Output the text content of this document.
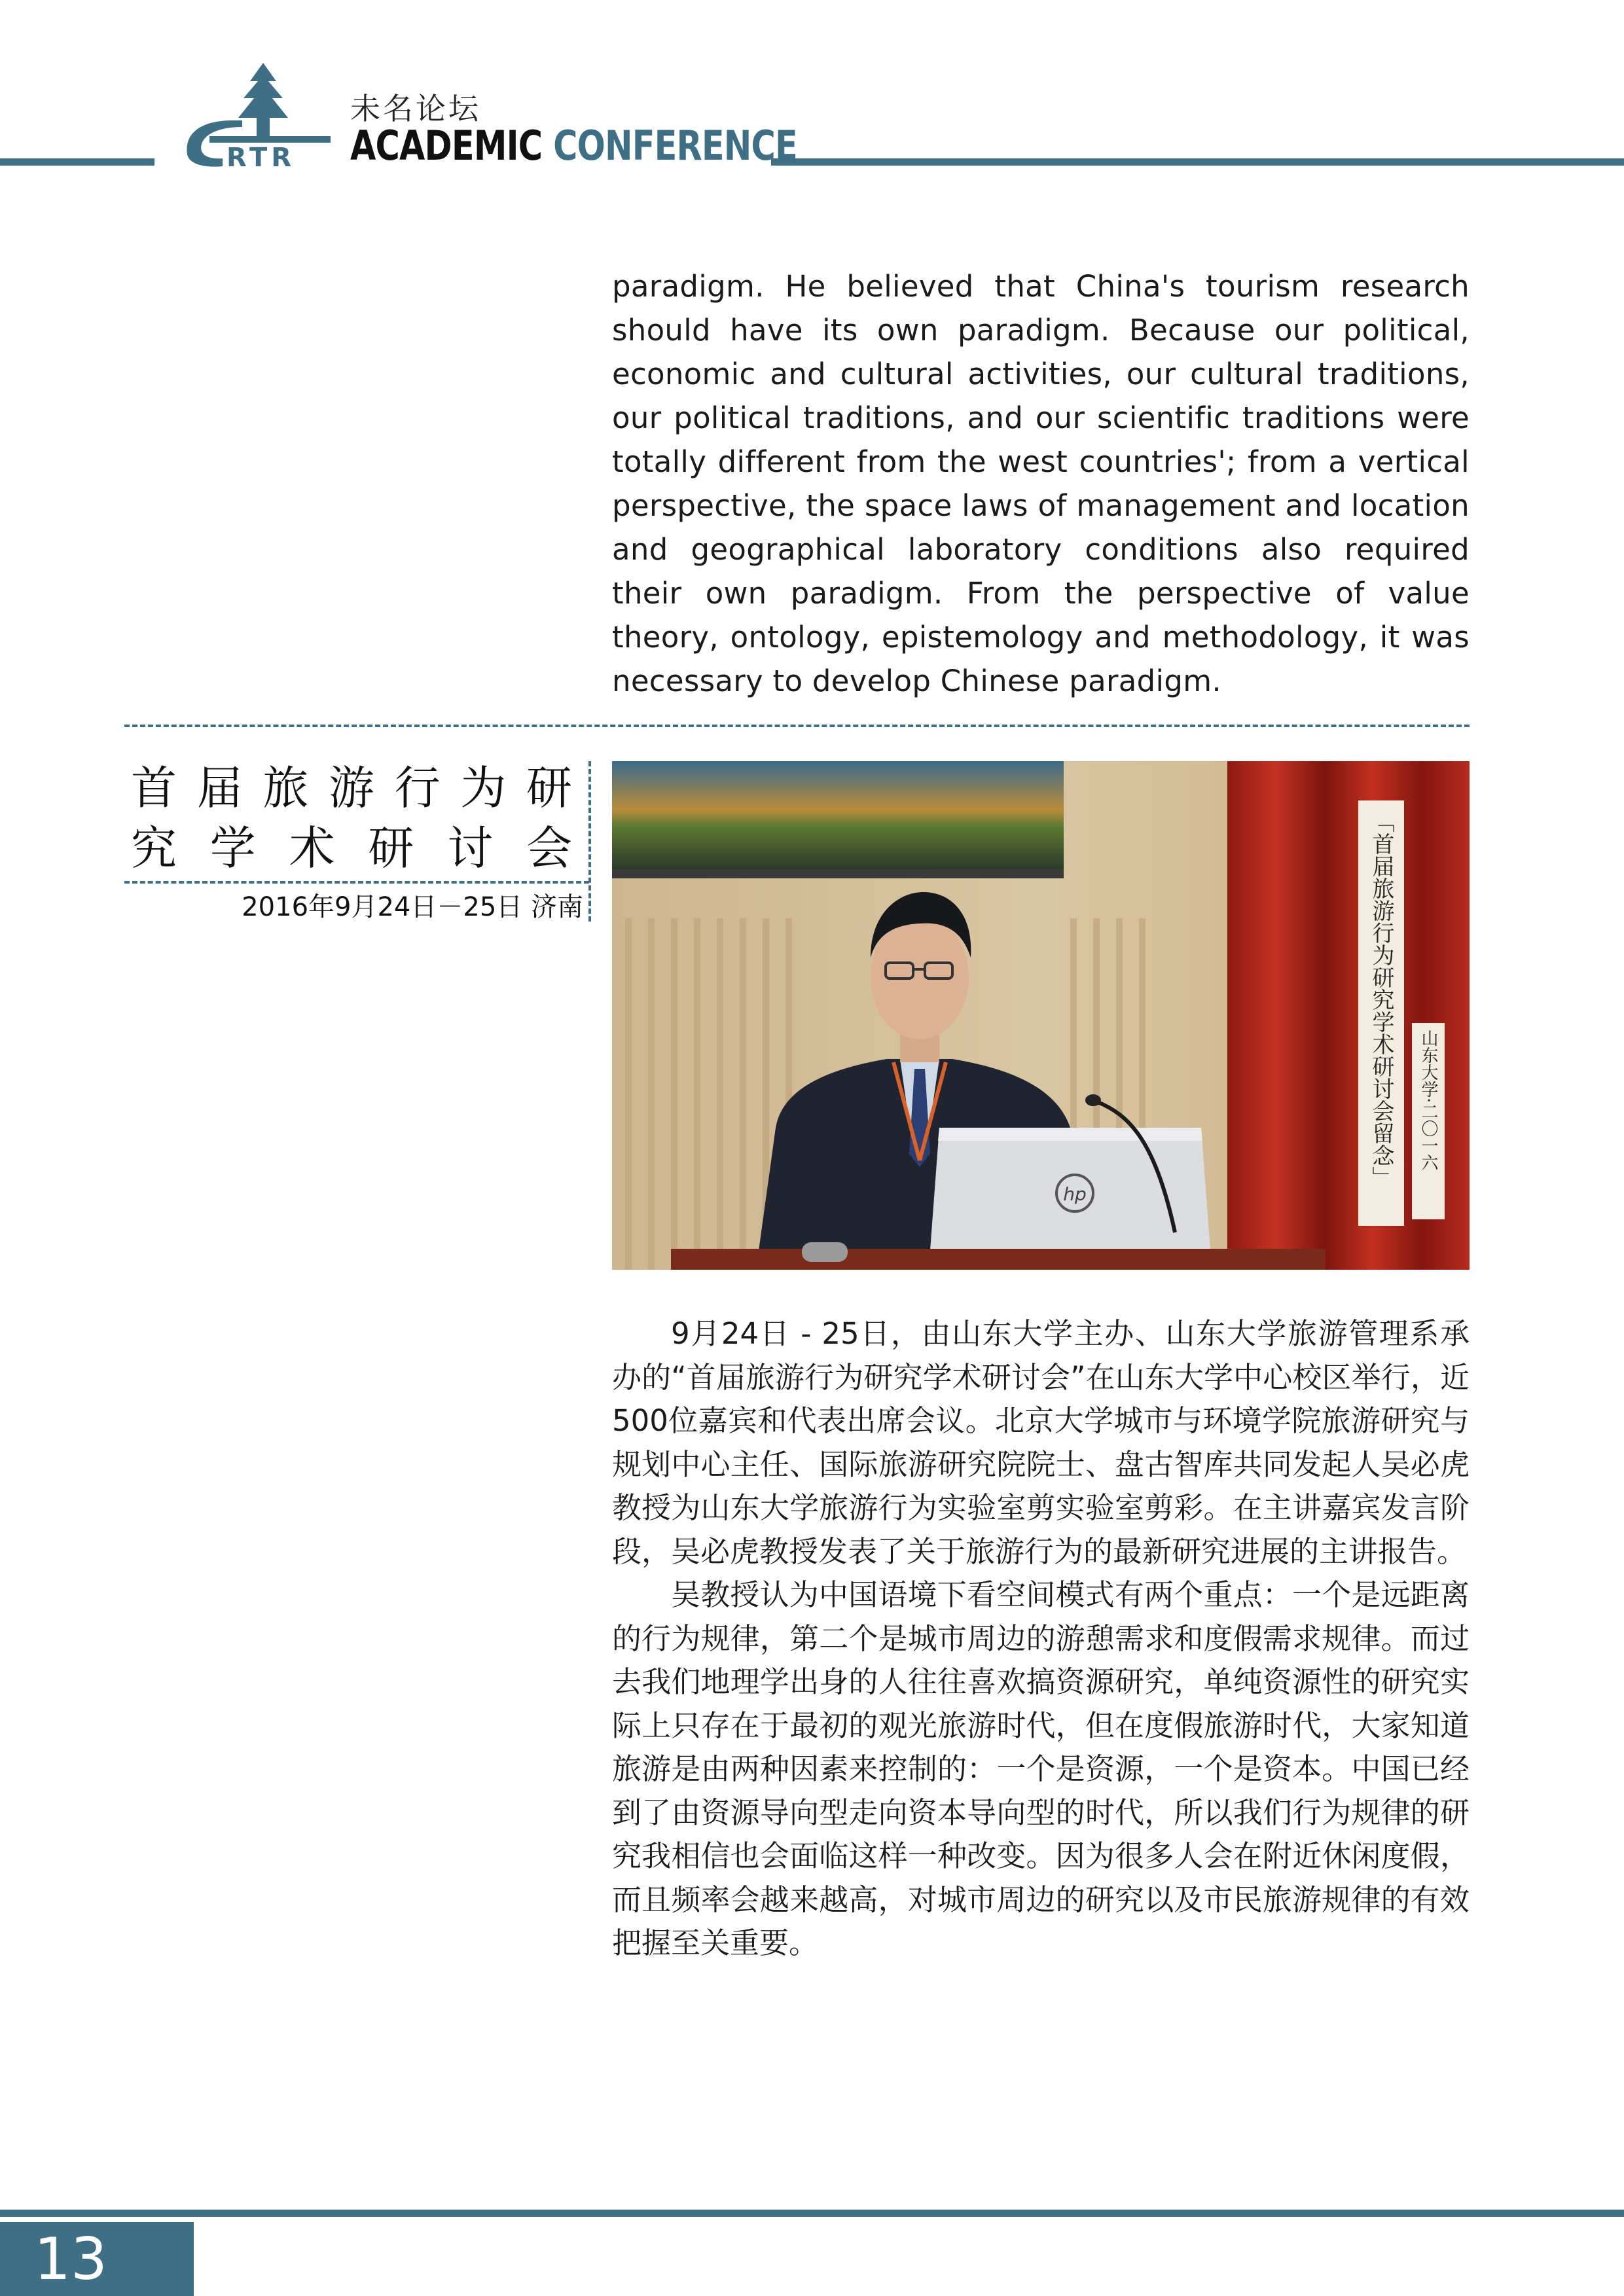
RTR
未名论坛
ACADEMIC CONFERENCE

paradigm. He believed that China's tourism research should have its own paradigm. Because our political, economic and cultural activities, our cultural traditions, our political traditions, and our scientific traditions were totally different from the west countries'; from a vertical perspective, the space laws of management and location and geographical laboratory conditions also required their own paradigm. From the perspective of value theory, ontology, epistemology and methodology, it was necessary to develop Chinese paradigm.

首届旅游行为研
究学术研讨会
2016年9月24日－25日 济南	「首届旅游行为研究学术研讨会留念」 山东大学·二〇一六
hp

9月24日 - 25日，由山东大学主办、山东大学旅游管理系承办的“首届旅游行为研究学术研讨会”在山东大学中心校区举行，近500位嘉宾和代表出席会议。北京大学城市与环境学院旅游研究与规划中心主任、国际旅游研究院院士、盘古智库共同发起人吴必虎教授为山东大学旅游行为实验室剪实验室剪彩。在主讲嘉宾发言阶段，吴必虎教授发表了关于旅游行为的最新研究进展的主讲报告。

吴教授认为中国语境下看空间模式有两个重点：一个是远距离的行为规律，第二个是城市周边的游憩需求和度假需求规律。而过去我们地理学出身的人往往喜欢搞资源研究，单纯资源性的研究实际上只存在于最初的观光旅游时代，但在度假旅游时代，大家知道旅游是由两种因素来控制的：一个是资源，一个是资本。中国已经到了由资源导向型走向资本导向型的时代，所以我们行为规律的研究我相信也会面临这样一种改变。因为很多人会在附近休闲度假，而且频率会越来越高，对城市周边的研究以及市民旅游规律的有效把握至关重要。

13
